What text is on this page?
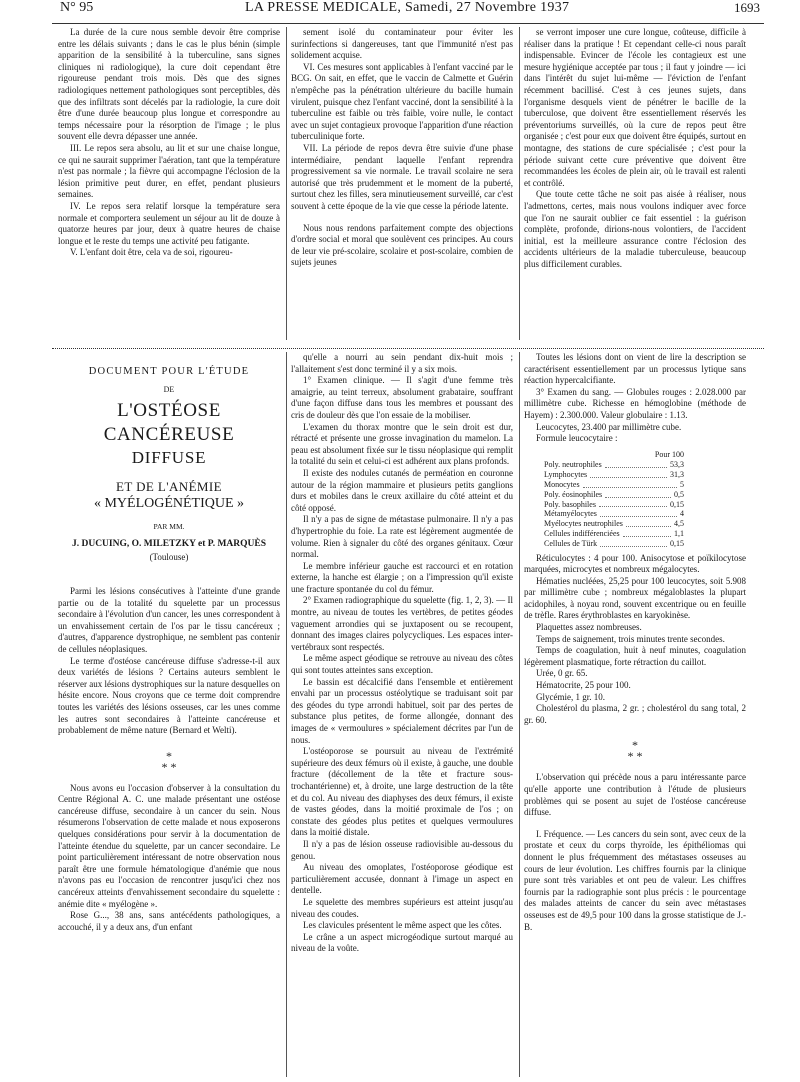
N° 95	LA PRESSE MEDICALE, Samedi, 27 Novembre 1937	1693

La durée de la cure nous semble devoir être comprise entre les délais suivants ; dans le cas le plus bénin (simple apparition de la sensibilité à la tuberculine, sans signes cliniques ni radiologique), la cure doit cependant être rigoureuse pendant trois mois. Dès que des signes radiologiques nettement pathologiques sont perceptibles, dès que des infiltrats sont décelés par la radiologie, la cure doit être d'une durée beaucoup plus longue et correspondre au temps nécessaire pour la résorption de l'image ; le plus souvent elle devra dépasser une année.

III. Le repos sera absolu, au lit et sur une chaise longue, ce qui ne saurait supprimer l'aération, tant que la température n'est pas normale ; la fièvre qui accompagne l'éclosion de la lésion primitive peut durer, en effet, pendant plusieurs semaines.

IV. Le repos sera relatif lorsque la température sera normale et comportera seulement un séjour au lit de douze à quatorze heures par jour, deux à quatre heures de chaise longue et le reste du temps une activité peu fatigante.

V. L'enfant doit être, cela va de soi, rigoureu-

sement isolé du contaminateur pour éviter les surinfections si dangereuses, tant que l'immunité n'est pas solidement acquise.

VI. Ces mesures sont applicables à l'enfant vacciné par le BCG. On sait, en effet, que le vaccin de Calmette et Guérin n'empêche pas la pénétration ultérieure du bacille humain virulent, puisque chez l'enfant vacciné, dont la sensibilité à la tuberculine est faible ou très faible, voire nulle, le contact avec un sujet contagieux provoque l'apparition d'une réaction tuberculinique forte.

VII. La période de repos devra être suivie d'une phase intermédiaire, pendant laquelle l'enfant reprendra progressivement sa vie normale. Le travail scolaire ne sera autorisé que très prudemment et le moment de la puberté, surtout chez les filles, sera minutieusement surveillé, car c'est souvent à cette époque de la vie que cesse la période latente.

Nous nous rendons parfaitement compte des objections d'ordre social et moral que soulèvent ces principes. Au cours de leur vie pré-scolaire, scolaire et post-scolaire, combien de sujets jeunes

se verront imposer une cure longue, coûteuse, difficile à réaliser dans la pratique ! Et cependant celle-ci nous paraît indispensable. Evincer de l'école les contagieux est une mesure hygiénique acceptée par tous ; il faut y joindre — ici dans l'intérêt du sujet lui-même — l'éviction de l'enfant récemment bacillisé. C'est à ces jeunes sujets, dans l'organisme desquels vient de pénétrer le bacille de la tuberculose, que doivent être essentiellement réservés les préventoriums surveillés, où la cure de repos peut être organisée ; c'est pour eux que doivent être équipés, surtout en montagne, des stations de cure spécialisée ; c'est pour la période suivant cette cure préventive que doivent être recommandées les écoles de plein air, où le travail est ralenti et contrôlé.

Que toute cette tâche ne soit pas aisée à réaliser, nous l'admettons, certes, mais nous voulons indiquer avec force que l'on ne saurait oublier ce fait essentiel : la guérison complète, profonde, dirions-nous volontiers, de l'accident initial, est la meilleure assurance contre l'éclosion des accidents ultérieurs de la maladie tuberculeuse, beaucoup plus difficilement curables.

DOCUMENT POUR L'ÉTUDE
DE
L'OSTÉOSE CANCÉREUSE
DIFFUSE
ET DE L'ANÉMIE
« MYÉLOGÉNÉTIQUE »
PAR MM.
J. DUCUING, O. MILETZKY et P. MARQUÈS
(Toulouse)

Parmi les lésions consécutives à l'atteinte d'une grande partie ou de la totalité du squelette par un processus secondaire à l'évolution d'un cancer, les unes correspondent à un envahissement certain de l'os par le tissu cancéreux ; d'autres, d'apparence dystrophique, ne semblent pas contenir de cellules néoplasiques.

Le terme d'ostéose cancéreuse diffuse s'adresse-t-il aux deux variétés de lésions ? Certains auteurs semblent le réserver aux lésions dystrophiques sur la nature desquelles on hésite encore. Nous croyons que ce terme doit comprendre toutes les variétés des lésions osseuses, car les unes comme les autres sont secondaires à l'atteinte cancéreuse et probablement de même nature (Bernard et Welti).

*
* *

Nous avons eu l'occasion d'observer à la consultation du Centre Régional A. C. une malade présentant une ostéose cancéreuse diffuse, secondaire à un cancer du sein. Nous résumerons l'observation de cette malade et nous exposerons quelques considérations pour servir à la documentation de l'atteinte étendue du squelette, par un cancer secondaire. Le point particulièrement intéressant de notre observation nous paraît être une formule hématologique d'anémie que nous n'avons pas eu l'occasion de rencontrer jusqu'ici chez nos cancéreux atteints d'envahissement secondaire du squelette : anémie dite « myélogène ».

Rose G..., 38 ans, sans antécédents pathologiques, a accouché, il y a deux ans, d'un enfant

qu'elle a nourri au sein pendant dix-huit mois ; l'allaitement s'est donc terminé il y a six mois.

1° Examen clinique. — Il s'agit d'une femme très amaigrie, au teint terreux, absolument grabataire, souffrant d'une façon diffuse dans tous les membres et poussant des cris de douleur dès que l'on essaie de la mobiliser.

L'examen du thorax montre que le sein droit est dur, rétracté et présente une grosse invagination du mamelon. La peau est absolument fixée sur le tissu néoplasique qui remplit la totalité du sein et celui-ci est adhérent aux plans profonds.

Il existe des nodules cutanés de perméation en couronne autour de la région mammaire et plusieurs petits ganglions durs et mobiles dans le creux axillaire du côté atteint et du côté opposé.

Il n'y a pas de signe de métastase pulmonaire. Il n'y a pas d'hypertrophie du foie. La rate est légèrement augmentée de volume. Rien à signaler du côté des organes génitaux. Cœur normal.

Le membre inférieur gauche est raccourci et en rotation externe, la hanche est élargie ; on a l'impression qu'il existe une fracture spontanée du col du fémur.

2° Examen radiographique du squelette (fig. 1, 2, 3). — Il montre, au niveau de toutes les vertèbres, de petites géodes vaguement arrondies qui se juxtaposent ou se recoupent, donnant des images claires polycycliques. Les espaces inter-vertébraux sont respectés.

Le même aspect géodique se retrouve au niveau des côtes qui sont toutes atteintes sans exception.

Le bassin est décalcifié dans l'ensemble et entièrement envahi par un processus ostéolytique se traduisant soit par des géodes du type arrondi habituel, soit par des pertes de substance plus petites, de forme allongée, donnant des images de « vermoulures » spécialement décrites par l'un de nous.

L'ostéoporose se poursuit au niveau de l'extrémité supérieure des deux fémurs où il existe, à gauche, une double fracture (décollement de la tête et fracture sous-trochantérienne) et, à droite, une large destruction de la tête et du col. Au niveau des diaphyses des deux fémurs, il existe de vastes géodes, dans la moitié proximale de l'os ; on constate des géodes plus petites et quelques vermoulures dans la moitié distale.

Il n'y a pas de lésion osseuse radiovisible au-dessous du genou.

Au niveau des omoplates, l'ostéoporose géodique est particulièrement accusée, donnant à l'image un aspect en dentelle.

Le squelette des membres supérieurs est atteint jusqu'au niveau des coudes.

Les clavicules présentent le même aspect que les côtes.

Le crâne a un aspect microgéodique surtout marqué au niveau de la voûte.

Toutes les lésions dont on vient de lire la description se caractérisent essentiellement par un processus lytique sans réaction hypercalcifiante.

3° Examen du sang. — Globules rouges : 2.028.000 par millimètre cube. Richesse en hémoglobine (méthode de Hayem) : 2.300.000. Valeur globulaire : 1.13.

Leucocytes, 23.400 par millimètre cube.

Formule leucocytaire :

Pour 100
Poly. neutrophiles	53,3
Lymphocytes	31,3
Monocytes	5
Poly. éosinophiles	0,5
Poly. basophiles	0,15
Métamyélocytes	4
Myélocytes neutrophiles	4,5
Cellules indifférenciées	1,1
Cellules de Türk	0,15

Réticulocytes : 4 pour 100. Anisocytose et poïkilocytose marquées, microcytes et nombreux mégalocytes.

Hématies nucléées, 25,25 pour 100 leucocytes, soit 5.908 par millimètre cube ; nombreux mégaloblastes la plupart acidophiles, à noyau rond, souvent excentrique ou en feuille de trèfle. Rares érythroblastes en karyokinèse.

Plaquettes assez nombreuses.

Temps de saignement, trois minutes trente secondes.

Temps de coagulation, huit à neuf minutes, coagulation légèrement plasmatique, forte rétraction du caillot.

Urée, 0 gr. 65.

Hématocrite, 25 pour 100.

Glycémie, 1 gr. 10.

Cholestérol du plasma, 2 gr. ; cholestérol du sang total, 2 gr. 60.

*
* *

L'observation qui précède nous a paru intéressante parce qu'elle apporte une contribution à l'étude de plusieurs problèmes qui se posent au sujet de l'ostéose cancéreuse diffuse.

I. Fréquence. — Les cancers du sein sont, avec ceux de la prostate et ceux du corps thyroïde, les épithéliomas qui donnent le plus fréquemment des métastases osseuses au cours de leur évolution. Les chiffres fournis par la clinique pure sont très variables et ont peu de valeur. Les chiffres fournis par la radiographie sont plus précis : le pourcentage des malades atteints de cancer du sein avec métastases osseuses est de 49,5 pour 100 dans la grosse statistique de J.-B.
